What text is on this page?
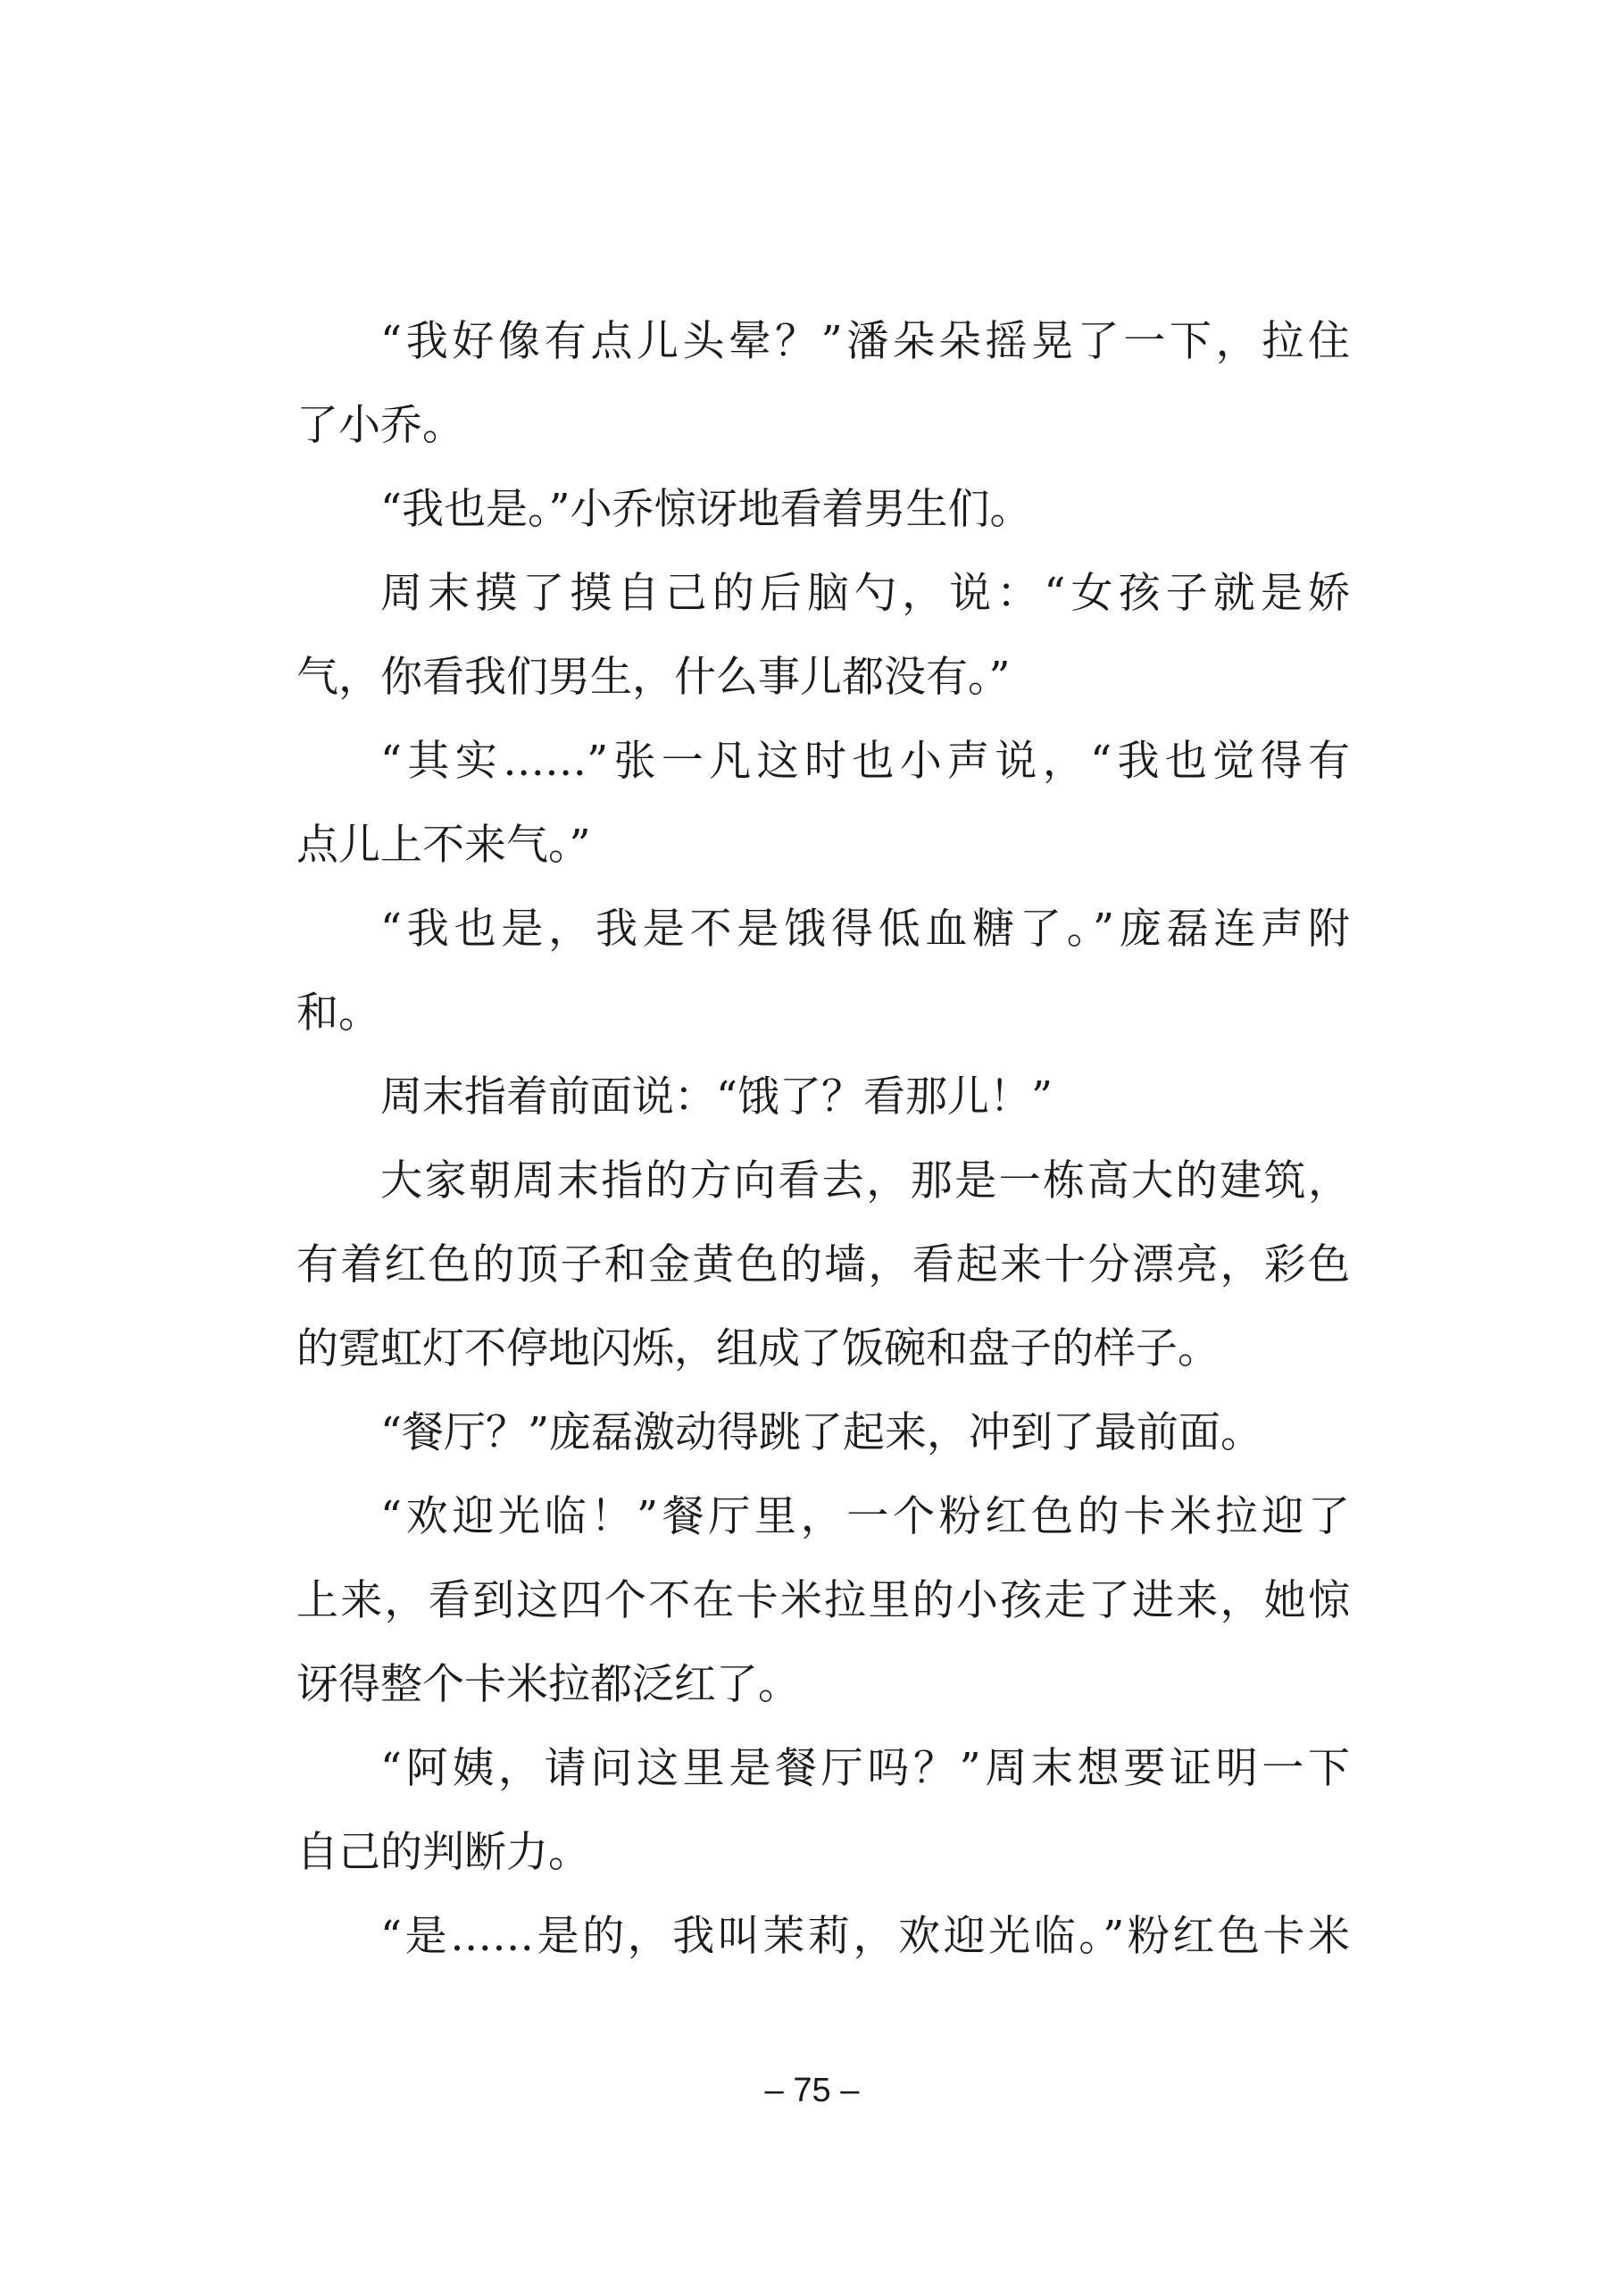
“我好像有点儿头晕？”潘朵朵摇晃了一下，拉住
了小乔。
“我也是。”小乔惊讶地看着男生们。
周末摸了摸自己的后脑勺，说：“女孩子就是娇
气，你看我们男生，什么事儿都没有。”
“其实……”张一凡这时也小声说，“我也觉得有
点儿上不来气。”
“我也是，我是不是饿得低血糖了。”庞磊连声附
和。
周末指着前面说：“饿了？看那儿！”
大家朝周末指的方向看去，那是一栋高大的建筑，
有着红色的顶子和金黄色的墙，看起来十分漂亮，彩色
的霓虹灯不停地闪烁，组成了饭碗和盘子的样子。
“餐厅？”庞磊激动得跳了起来，冲到了最前面。
“欢迎光临！”餐厅里，一个粉红色的卡米拉迎了
上来，看到这四个不在卡米拉里的小孩走了进来，她惊
讶得整个卡米拉都泛红了。
“阿姨，请问这里是餐厅吗？”周末想要证明一下
自己的判断力。
“是……是的，我叫茉莉，欢迎光临。”粉红色卡米
– 75 –
